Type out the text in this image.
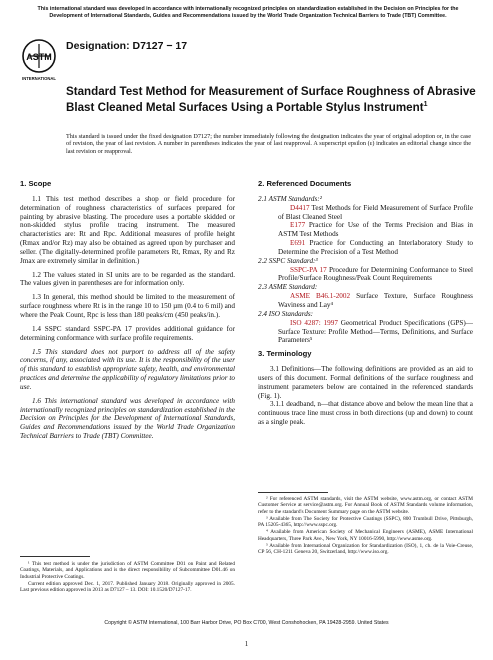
This international standard was developed in accordance with internationally recognized principles on standardization established in the Decision on Principles for the Development of International Standards, Guides and Recommendations issued by the World Trade Organization Technical Barriers to Trade (TBT) Committee.
ASTM
INTERNATIONAL
Designation: D7127 − 17
Standard Test Method for Measurement of Surface Roughness of Abrasive Blast Cleaned Metal Surfaces Using a Portable Stylus Instrument$^1$
This standard is issued under the fixed designation D7127; the number immediately following the designation indicates the year of original adoption or, in the case of revision, the year of last revision. A number in parentheses indicates the year of last reapproval. A superscript epsilon (ε) indicates an editorial change since the last revision or reapproval.

1. Scope

1.1 This test method describes a shop or field procedure for determination of roughness characteristics of surfaces prepared for painting by abrasive blasting. The procedure uses a portable skidded or non-skidded stylus profile tracing instrument. The measured characteristics are: Rt and Rpc. Additional measures of profile height (Rmax and/or Rz) may also be obtained as agreed upon by purchaser and seller. (The digitally-determined profile parameters Rt, Rmax, Ry and Rz Jmax are extremely similar in definition.)

1.2 The values stated in SI units are to be regarded as the standard. The values given in parentheses are for information only.

1.3 In general, this method should be limited to the measurement of surface roughness where Rt is in the range 10 to 150 µm (0.4 to 6 mil) and where the Peak Count, Rpc is less than 180 peaks/cm (450 peaks/in.).

1.4 SSPC standard SSPC-PA 17 provides additional guidance for determining conformance with surface profile requirements.

1.5 This standard does not purport to address all of the safety concerns, if any, associated with its use. It is the responsibility of the user of this standard to establish appropriate safety, health, and environmental practices and determine the applicability of regulatory limitations prior to use.

1.6 This international standard was developed in accordance with internationally recognized principles on standardization established in the Decision on Principles for the Development of International Standards, Guides and Recommendations issued by the World Trade Organization Technical Barriers to Trade (TBT) Committee.

¹ This test method is under the jurisdiction of ASTM Committee D01 on Paint and Related Coatings, Materials, and Applications and is the direct responsibility of Subcommittee D01.46 on Industrial Protective Coatings.

Current edition approved Dec. 1, 2017. Published January 2018. Originally approved in 2005. Last previous edition approved in 2013 as D7127 – 13. DOI: 10.1520/D7127-17.

2. Referenced Documents

2.1 ASTM Standards:²

D4417 Test Methods for Field Measurement of Surface Profile of Blast Cleaned Steel

E177 Practice for Use of the Terms Precision and Bias in ASTM Test Methods

E691 Practice for Conducting an Interlaboratory Study to Determine the Precision of a Test Method

2.2 SSPC Standard:³

SSPC-PA 17 Procedure for Determining Conformance to Steel Profile/Surface Roughness/Peak Count Requirements

2.3 ASME Standard:

ASME B46.1-2002 Surface Texture, Surface Roughness Waviness and Lay⁴

2.4 ISO Standards:

ISO 4287: 1997 Geometrical Product Specifications (GPS)—Surface Texture: Profile Method—Terms, Definitions, and Surface Parameters⁵

3. Terminology

3.1 Definitions—The following definitions are provided as an aid to users of this document. Formal definitions of the surface roughness and instrument parameters below are contained in the referenced standards (Fig. 1).

3.1.1 deadband, n—that distance above and below the mean line that a continuous trace line must cross in both directions (up and down) to count as a single peak.

² For referenced ASTM standards, visit the ASTM website, www.astm.org, or contact ASTM Customer Service at service@astm.org. For Annual Book of ASTM Standards volume information, refer to the standard's Document Summary page on the ASTM website.

³ Available from The Society for Protective Coatings (SSPC), 800 Trumbull Drive, Pittsburgh, PA 15205-4365, http://www.sspc.org.

⁴ Available from American Society of Mechanical Engineers (ASME), ASME International Headquarters, Three Park Ave., New York, NY 10016-5990, http://www.asme.org.

⁵ Available from International Organization for Standardization (ISO), 1, ch. de la Voie-Creuse, CP 56, CH-1211 Geneva 20, Switzerland, http://www.iso.org.

Copyright © ASTM International, 100 Barr Harbor Drive, PO Box C700, West Conshohocken, PA 19428-2959. United States
1
